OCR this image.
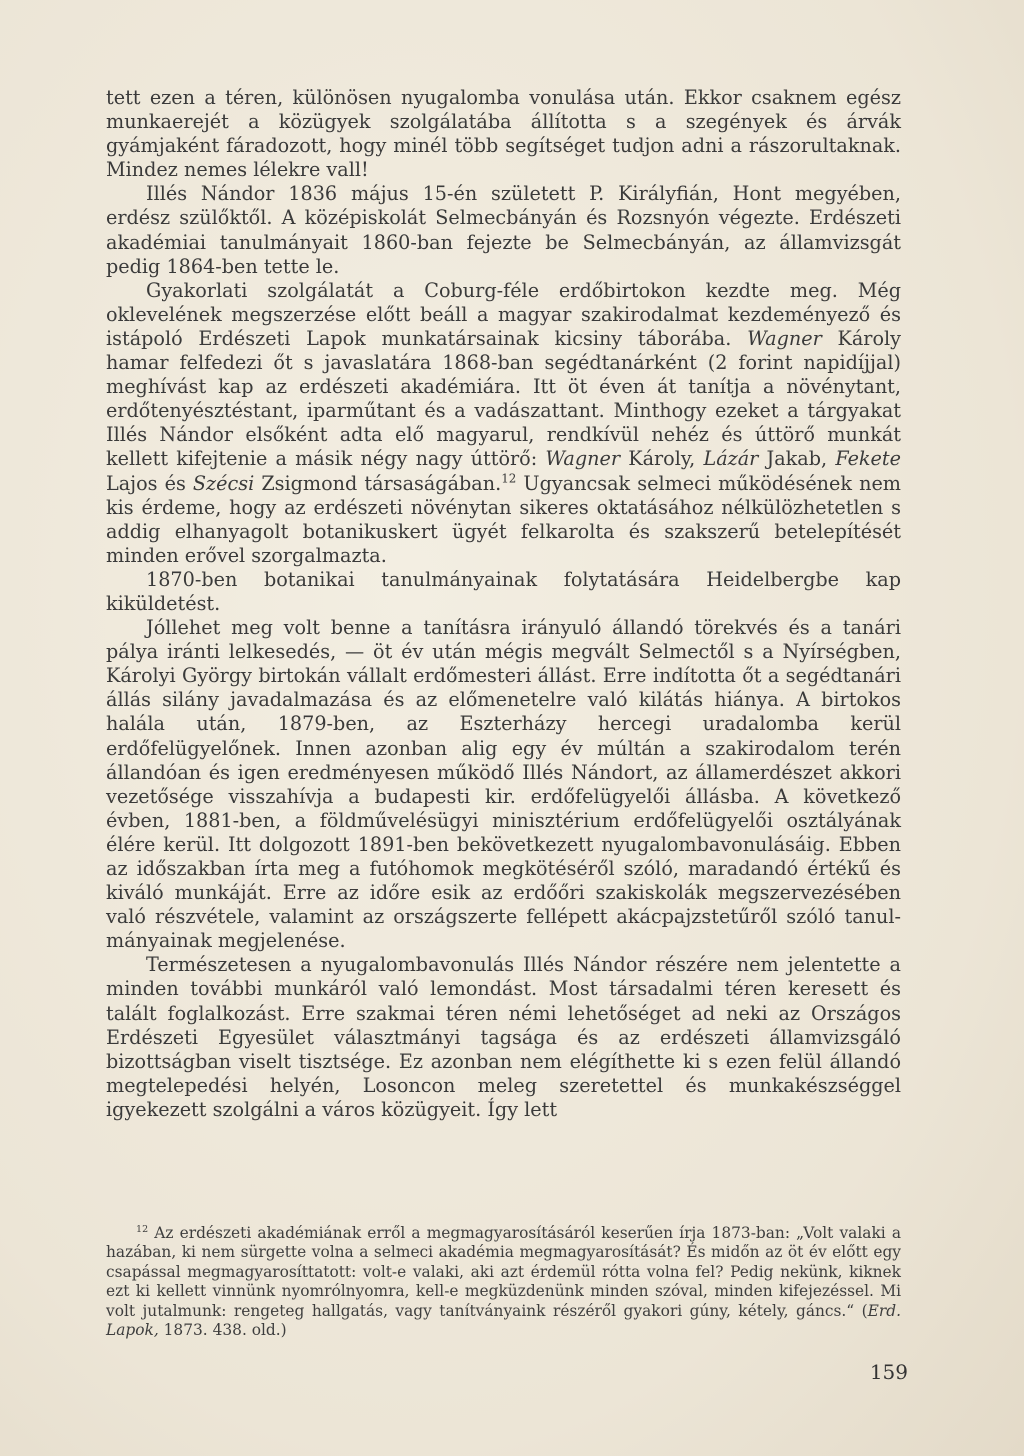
tett ezen a téren, különösen nyugalomba vonulása után. Ekkor csaknem egész munkaerejét a közügyek szolgálatába állította s a szegények és árvák gyámjaként fáradozott, hogy minél több segítséget tudjon adni a rászorultaknak. Mindez nemes lélekre vall!

Illés Nándor 1836 május 15-én született P. Királyfián, Hont megyében, erdész szülőktől. A középiskolát Selmecbányán és Rozsnyón végezte. Erdészeti akadémiai tanulmányait 1860-ban fejezte be Selmecbányán, az államvizsgát pedig 1864-ben tette le.

Gyakorlati szolgálatát a Coburg-féle erdőbirtokon kezdte meg. Még oklevelének megszerzése előtt beáll a magyar szakirodalmat kezdeményező és istápoló Erdészeti Lapok munkatársainak kicsiny táborába. Wagner Károly hamar felfedezi őt s javaslatára 1868-ban segédtanárként (2 forint napidíjjal) meghívást kap az erdészeti akadémiára. Itt öt éven át tanítja a növénytant, erdőtenyésztéstant, iparműtant és a vadászattant. Minthogy ezeket a tárgyakat Illés Nándor elsőként adta elő magyarul, rendkívül nehéz és úttörő munkát kellett kifejtenie a másik négy nagy úttörő: Wagner Károly, Lázár Jakab, Fekete Lajos és Szécsi Zsigmond társaságában.$^{12}$ Ugyancsak selmeci működésének nem kis érdeme, hogy az erdészeti növénytan sikeres oktatásához nélkülözhetetlen s addig elhanyagolt botanikuskert ügyét felkarolta és szakszerű betelepítését minden erővel szorgalmazta.

1870-ben botanikai tanulmányainak folytatására Heidelbergbe kap kiküldetést.

Jóllehet meg volt benne a tanításra irányuló állandó törekvés és a tanári pálya iránti lelkesedés, — öt év után mégis megvált Selmectől s a Nyírségben, Károlyi György birtokán vállalt erdőmesteri állást. Erre indította őt a segédtanári állás silány javadalmazása és az előmenetelre való kilátás hiánya. A birtokos halála után, 1879-ben, az Eszterházy hercegi uradalomba kerül erdőfelügyelőnek. Innen azonban alig egy év múltán a szakirodalom terén állandóan és igen eredményesen működő Illés Nándort, az államerdészet akkori vezetősége visszahívja a budapesti kir. erdőfelügyelői állásba. A következő évben, 1881-ben, a földművelésügyi minisztérium erdőfelügyelői osztályának élére kerül. Itt dolgozott 1891-ben bekövetkezett nyugalombavonulásáig. Ebben az időszakban írta meg a futóhomok megkötéséről szóló, maradandó értékű és kiváló munkáját. Erre az időre esik az erdőőri szakiskolák megszervezésében való részvétele, valamint az országszerte fellépett akácpajzstetűről szóló tanulmányainak megjelenése.

Természetesen a nyugalombavonulás Illés Nándor részére nem jelentette a minden további munkáról való lemondást. Most társadalmi téren keresett és talált foglalkozást. Erre szakmai téren némi lehetőséget ad neki az Országos Erdészeti Egyesület választmányi tagsága és az erdészeti államvizsgáló bizottságban viselt tisztsége. Ez azonban nem elégíthette ki s ezen felül állandó megtelepedési helyén, Losoncon meleg szeretettel és munkakészséggel igyekezett szolgálni a város közügyeit. Így lett

$^{12}$ Az erdészeti akadémiának erről a megmagyarosításáról keserűen írja 1873-ban: „Volt valaki a hazában, ki nem sürgette volna a selmeci akadémia megmagyarosítását? És midőn az öt év előtt egy csapással megmagyarosíttatott: volt-e valaki, aki azt érdemül rótta volna fel? Pedig nekünk, kiknek ezt ki kellett vinnünk nyomrólnyomra, kell-e megküzdenünk minden szóval, minden kifejezéssel. Mi volt jutalmunk: rengeteg hallgatás, vagy tanítványaink részéről gyakori gúny, kétely, gáncs.“ (Erd. Lapok, 1873. 438. old.)

159
